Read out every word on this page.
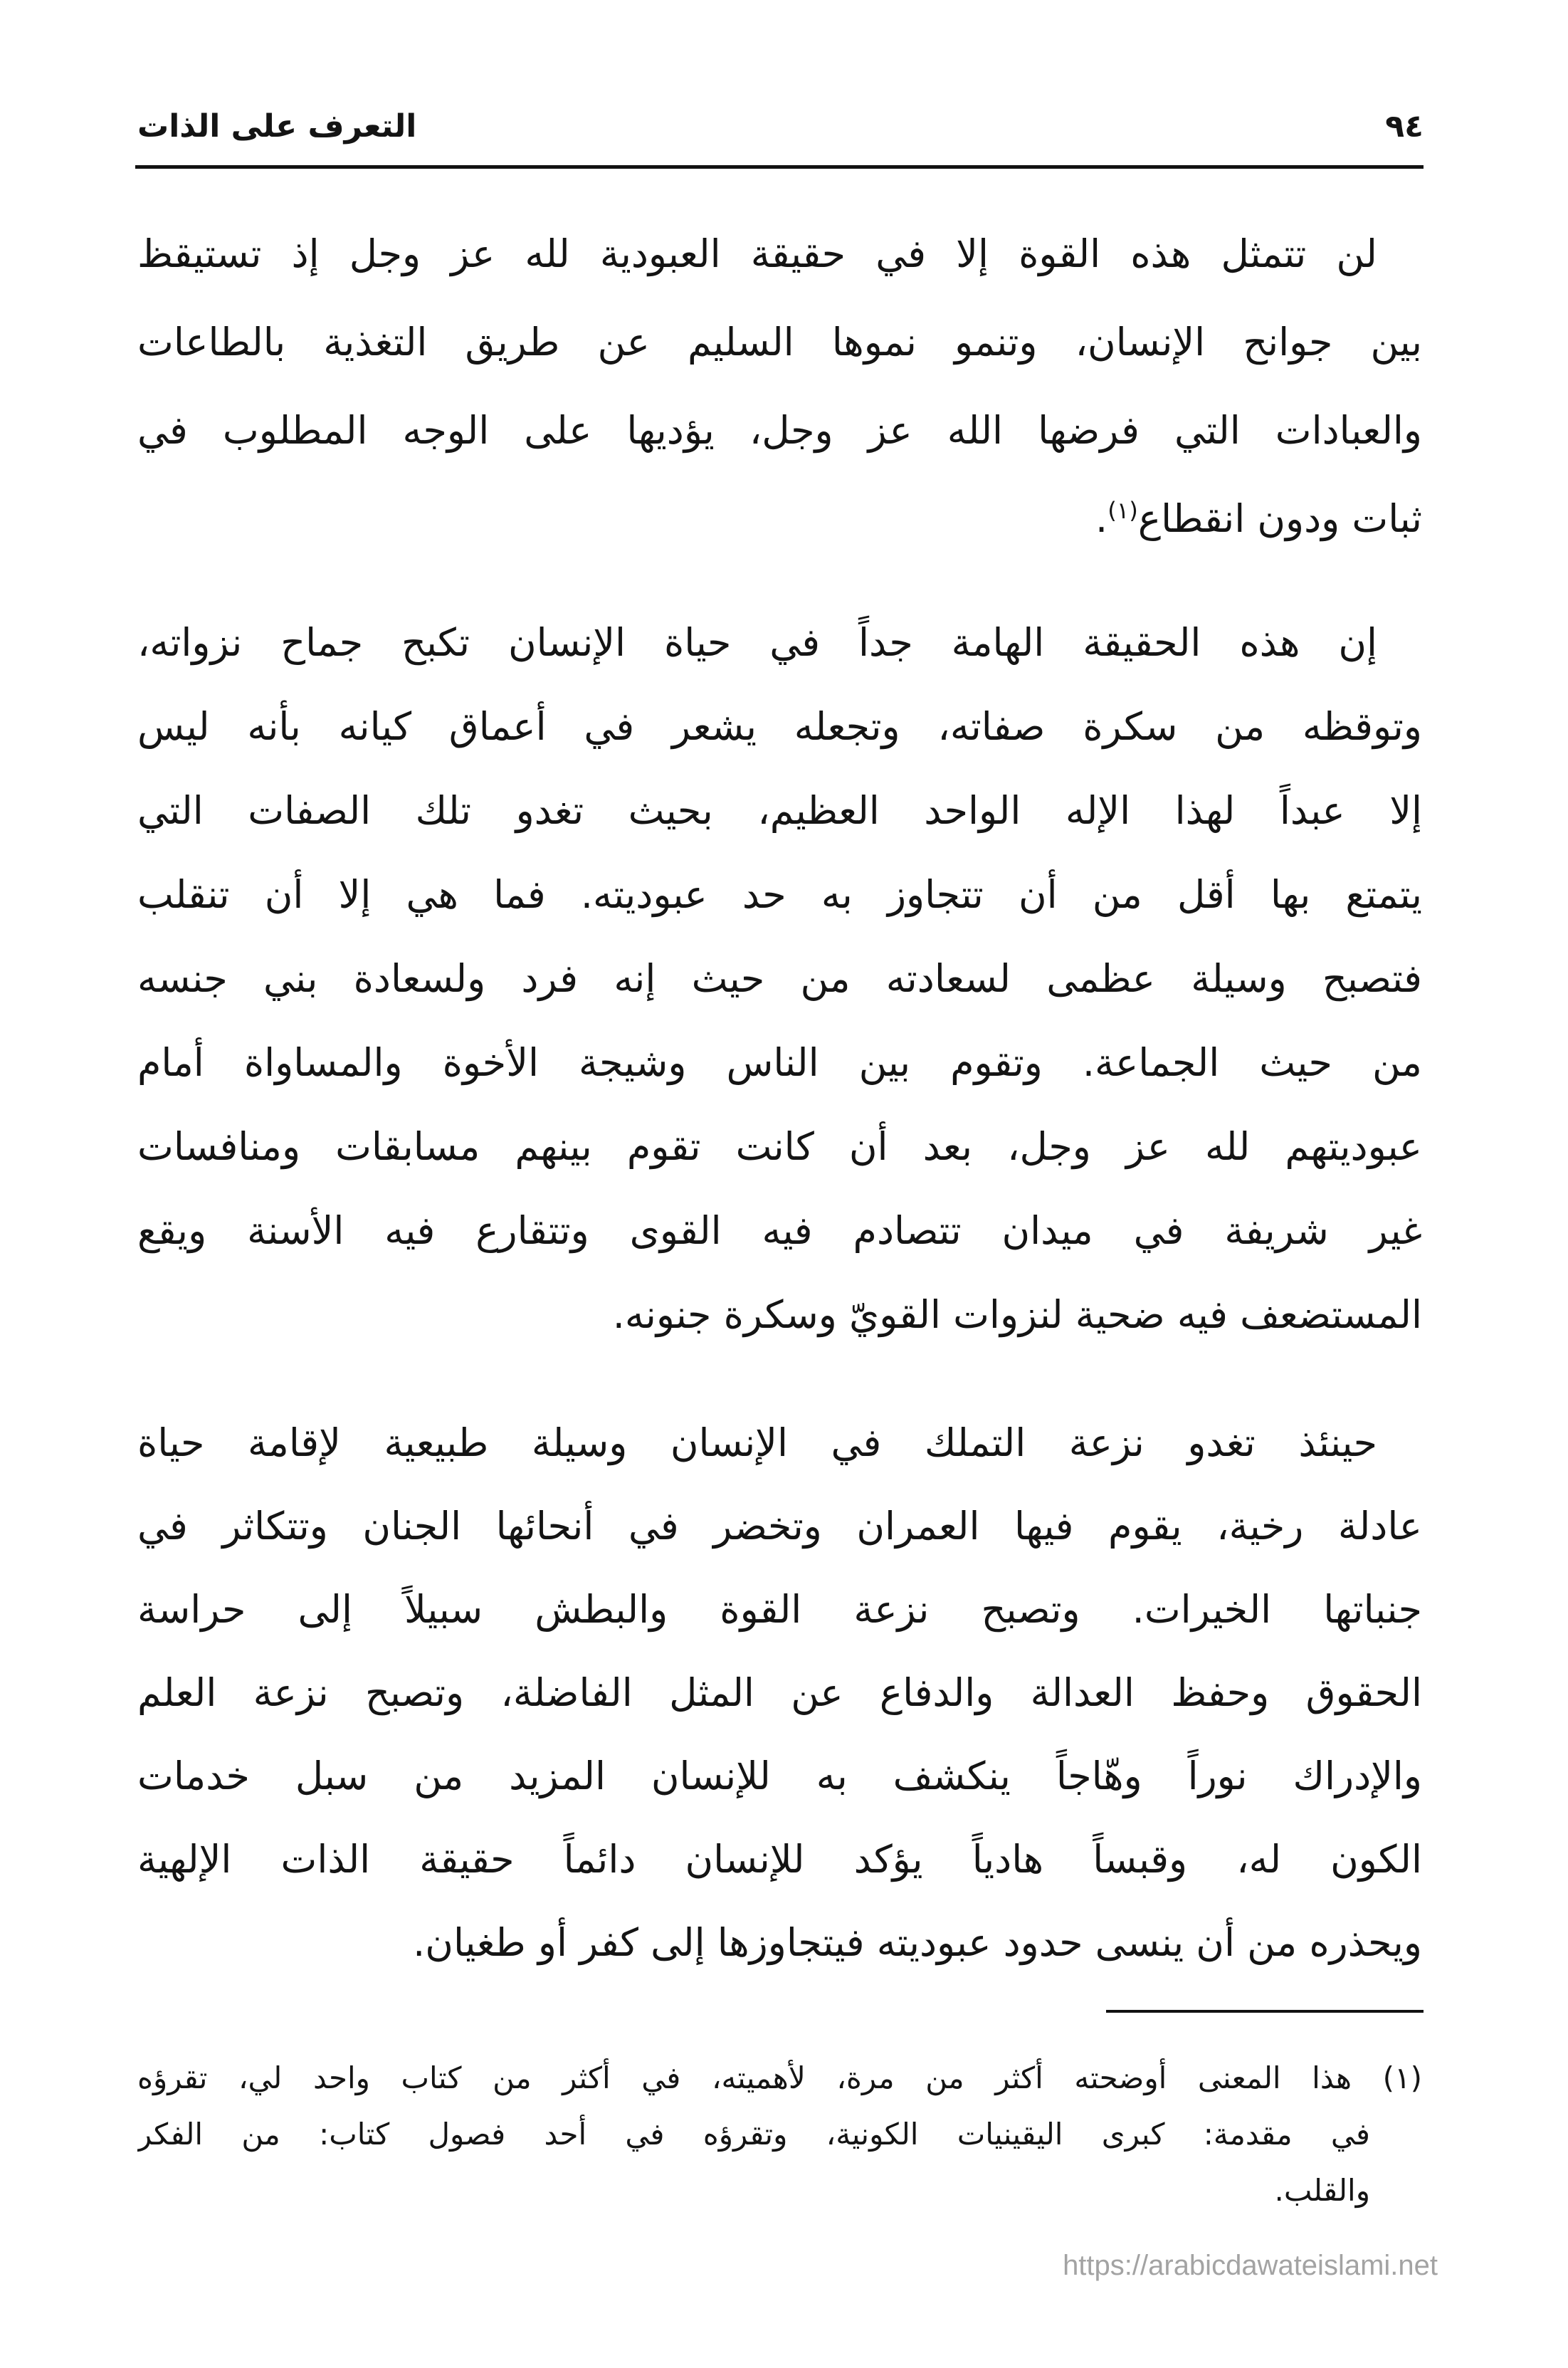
التعرف على الذات	٩٤
لن تتمثل هذه القوة إلا في حقيقة العبودية لله عز وجل إذ تستيقظ
بين جوانح الإنسان، وتنمو نموها السليم عن طريق التغذية بالطاعات
والعبادات التي فرضها الله عز وجل، يؤديها على الوجه المطلوب في
ثبات ودون انقطاع$^{(١)}$.
إن هذه الحقيقة الهامة جداً في حياة الإنسان تكبح جماح نزواته،
وتوقظه من سكرة صفاته، وتجعله يشعر في أعماق كيانه بأنه ليس
إلا عبداً لهذا الإله الواحد العظيم، بحيث تغدو تلك الصفات التي
يتمتع بها أقل من أن تتجاوز به حد عبوديته. فما هي إلا أن تنقلب
فتصبح وسيلة عظمى لسعادته من حيث إنه فرد ولسعادة بني جنسه
من حيث الجماعة. وتقوم بين الناس وشيجة الأخوة والمساواة أمام
عبوديتهم لله عز وجل، بعد أن كانت تقوم بينهم مسابقات ومنافسات
غير شريفة في ميدان تتصادم فيه القوى وتتقارع فيه الأسنة ويقع
المستضعف فيه ضحية لنزوات القويّ وسكرة جنونه.
حينئذ تغدو نزعة التملك في الإنسان وسيلة طبيعية لإقامة حياة
عادلة رخية، يقوم فيها العمران وتخضر في أنحائها الجنان وتتكاثر في
جنباتها الخيرات. وتصبح نزعة القوة والبطش سبيلاً إلى حراسة
الحقوق وحفظ العدالة والدفاع عن المثل الفاضلة، وتصبح نزعة العلم
والإدراك نوراً وهّاجاً ينكشف به للإنسان المزيد من سبل خدمات
الكون له، وقبساً هادياً يؤكد للإنسان دائماً حقيقة الذات الإلهية
ويحذره من أن ينسى حدود عبوديته فيتجاوزها إلى كفر أو طغيان.
(١) هذا المعنى أوضحته أكثر من مرة، لأهميته، في أكثر من كتاب واحد لي، تقرؤه
في مقدمة: كبرى اليقينيات الكونية، وتقرؤه في أحد فصول كتاب: من الفكر
والقلب.
https://arabicdawateislami.net
